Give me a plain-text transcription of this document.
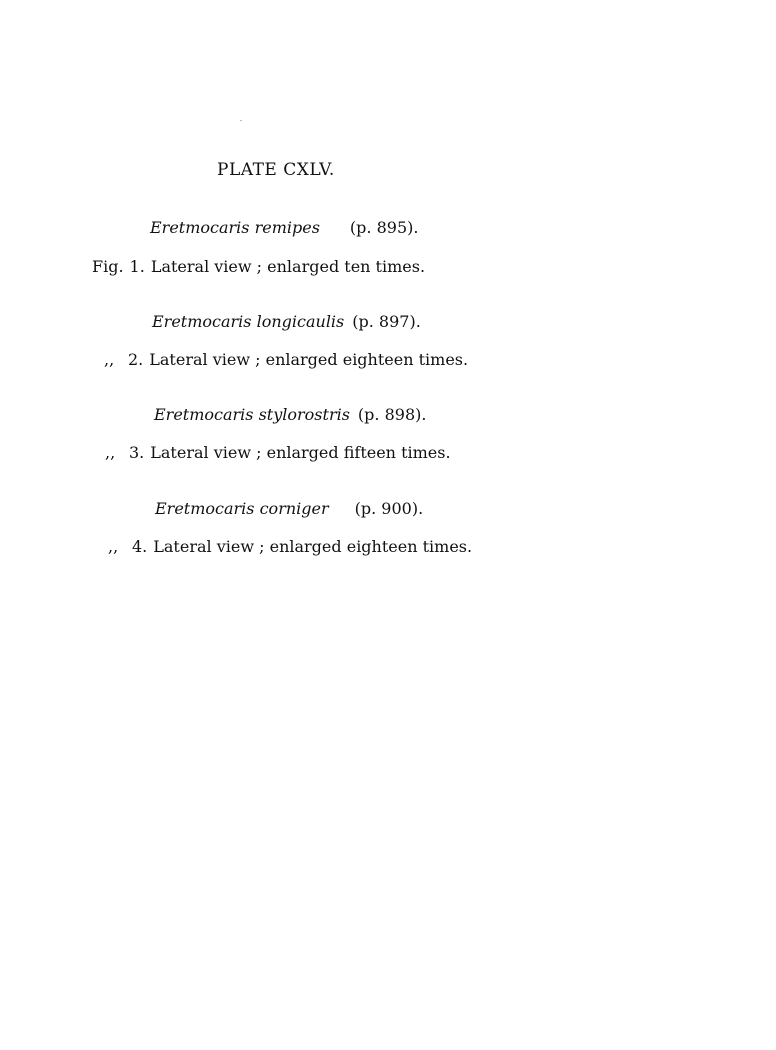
PLATE CXLV.
Eretmocaris remipes (p. 895).
Fig. 1. Lateral view ; enlarged ten times.
Eretmocaris longicaulis (p. 897).
,, 2. Lateral view ; enlarged eighteen times.
Eretmocaris stylorostris (p. 898).
,, 3. Lateral view ; enlarged fifteen times.
Eretmocaris corniger (p. 900).
,, 4. Lateral view ; enlarged eighteen times.
